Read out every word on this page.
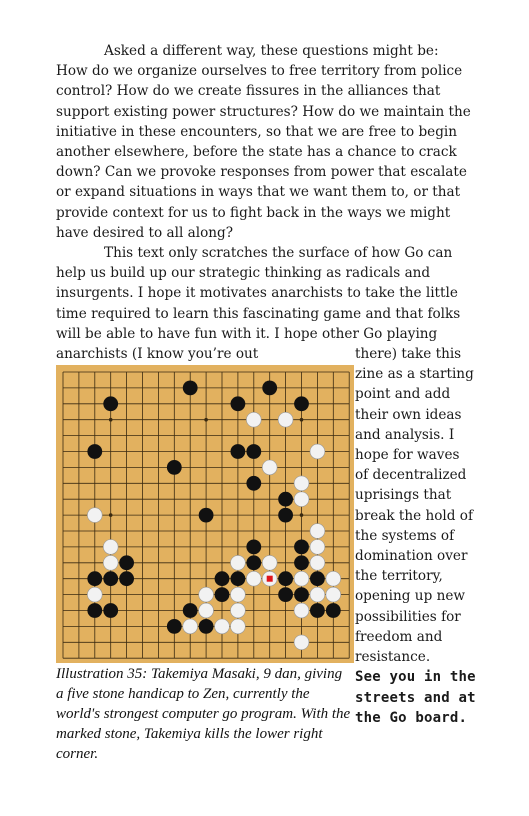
Asked a different way, these questions might be: How do we organize ourselves to free territory from police control? How do we create fissures in the alliances that support existing power structures? How do we maintain the initiative in these encounters, so that we are free to begin another elsewhere, before the state has a chance to crack down? Can we provoke responses from power that escalate or expand situations in ways that we want them to, or that provide context for us to fight back in the ways we might have desired to all along?

This text only scratches the surface of how Go can help us build up our strategic thinking as radicals and insurgents. I hope it motivates anarchists to take the little time required to learn this fascinating game and that folks will be able to have fun with it. I hope other Go playing anarchists (I know you’re out	there) take this zine as a starting point and add their own ideas and analysis. I hope for waves of decentralized uprisings that break the hold of the systems of domination over the territory, opening up new possibilities for freedom and resistance.

See you in the streets and at the Go board.

Illustration 35: Takemiya Masaki, 9 dan, giving a five stone handicap to Zen, currently the world's strongest computer go program. With the marked stone, Takemiya kills the lower right corner.
